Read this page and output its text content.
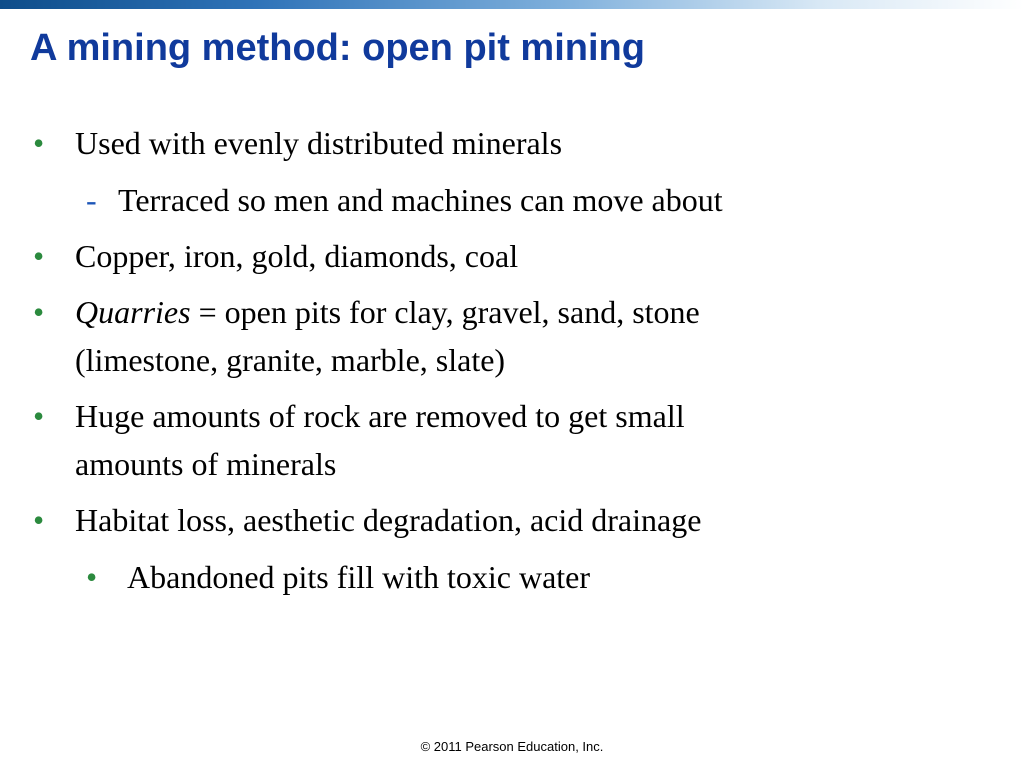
A mining method: open pit mining
• Used with evenly distributed minerals
- Terraced so men and machines can move about
• Copper, iron, gold, diamonds, coal
• Quarries = open pits for clay, gravel, sand, stone
(limestone, granite, marble, slate)
• Huge amounts of rock are removed to get small
amounts of minerals
• Habitat loss, aesthetic degradation, acid drainage
• Abandoned pits fill with toxic water
© 2011 Pearson Education, Inc.
